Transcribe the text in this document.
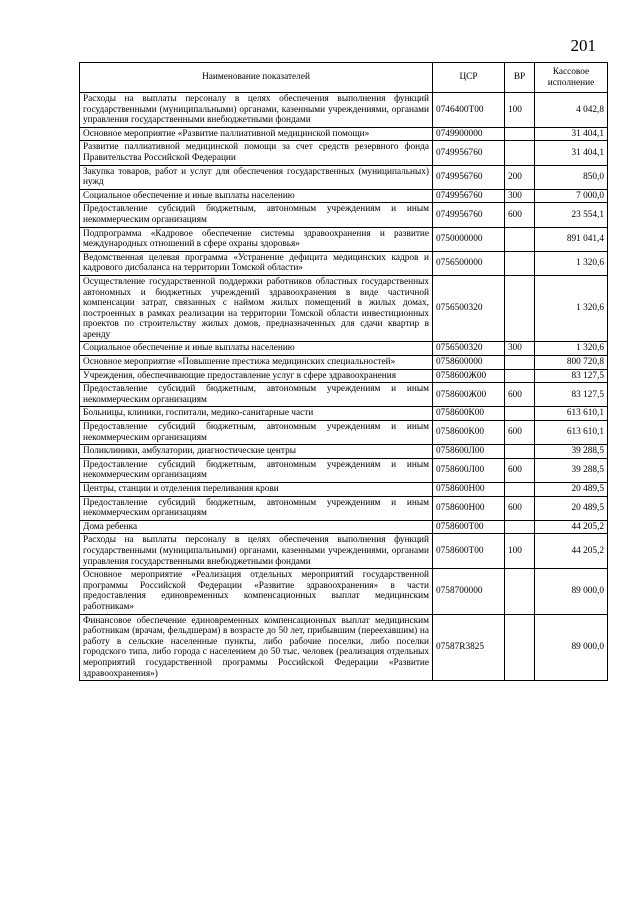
201
Наименование показателей	ЦСР	ВР	Кассовое исполнение
Расходы на выплаты персоналу в целях обеспечения выполнения функций государственными (муниципальными) органами, казенными учреждениями, органами управления государственными внебюджетными фондами	0746400Т00	100	4 042,8
Основное мероприятие «Развитие паллиативной медицинской помощи»	0749900000		31 404,1
Развитие паллиативной медицинской помощи за счет средств резервного фонда Правительства Российской Федерации	0749956760		31 404,1
Закупка товаров, работ и услуг для обеспечения государственных (муниципальных) нужд	0749956760	200	850,0
Социальное обеспечение и иные выплаты населению	0749956760	300	7 000,0
Предоставление субсидий бюджетным, автономным учреждениям и иным некоммерческим организациям	0749956760	600	23 554,1
Подпрограмма «Кадровое обеспечение системы здравоохранения и развитие международных отношений в сфере охраны здоровья»	0750000000		891 041,4
Ведомственная целевая программа «Устранение дефицита медицинских кадров и кадрового дисбаланса на территории Томской области»	0756500000		1 320,6
Осуществление государственной поддержки работников областных государственных автономных и бюджетных учреждений здравоохранения в виде частичной компенсации затрат, связанных с наймом жилых помещений в жилых домах, построенных в рамках реализации на территории Томской области инвестиционных проектов по строительству жилых домов, предназначенных для сдачи квартир в аренду	0756500320		1 320,6
Социальное обеспечение и иные выплаты населению	0756500320	300	1 320,6
Основное мероприятие «Повышение престижа медицинских специальностей»	0758600000		800 720,8
Учреждения, обеспечивающие предоставление услуг в сфере здравоохранения	0758600Ж00		83 127,5
Предоставление субсидий бюджетным, автономным учреждениям и иным некоммерческим организациям	0758600Ж00	600	83 127,5
Больницы, клиники, госпитали, медико-санитарные части	0758600К00		613 610,1
Предоставление субсидий бюджетным, автономным учреждениям и иным некоммерческим организациям	0758600К00	600	613 610,1
Поликлиники, амбулатории, диагностические центры	0758600Л00		39 288,5
Предоставление субсидий бюджетным, автономным учреждениям и иным некоммерческим организациям	0758600Л00	600	39 288,5
Центры, станции и отделения переливания крови	0758600Н00		20 489,5
Предоставление субсидий бюджетным, автономным учреждениям и иным некоммерческим организациям	0758600Н00	600	20 489,5
Дома ребенка	0758600Т00		44 205,2
Расходы на выплаты персоналу в целях обеспечения выполнения функций государственными (муниципальными) органами, казенными учреждениями, органами управления государственными внебюджетными фондами	0758600Т00	100	44 205,2
Основное мероприятие «Реализация отдельных мероприятий государственной программы Российской Федерации «Развитие здравоохранения» в части предоставления единовременных компенсационных выплат медицинским работникам»	0758700000		89 000,0
Финансовое обеспечение единовременных компенсационных выплат медицинским работникам (врачам, фельдшерам) в возрасте до 50 лет, прибывшим (переехавшим) на работу в сельские населенные пункты, либо рабочие поселки, либо поселки городского типа, либо города с населением до 50 тыс. человек (реализация отдельных мероприятий государственной программы Российской Федерации «Развитие здравоохранения»)	07587R3825		89 000,0
